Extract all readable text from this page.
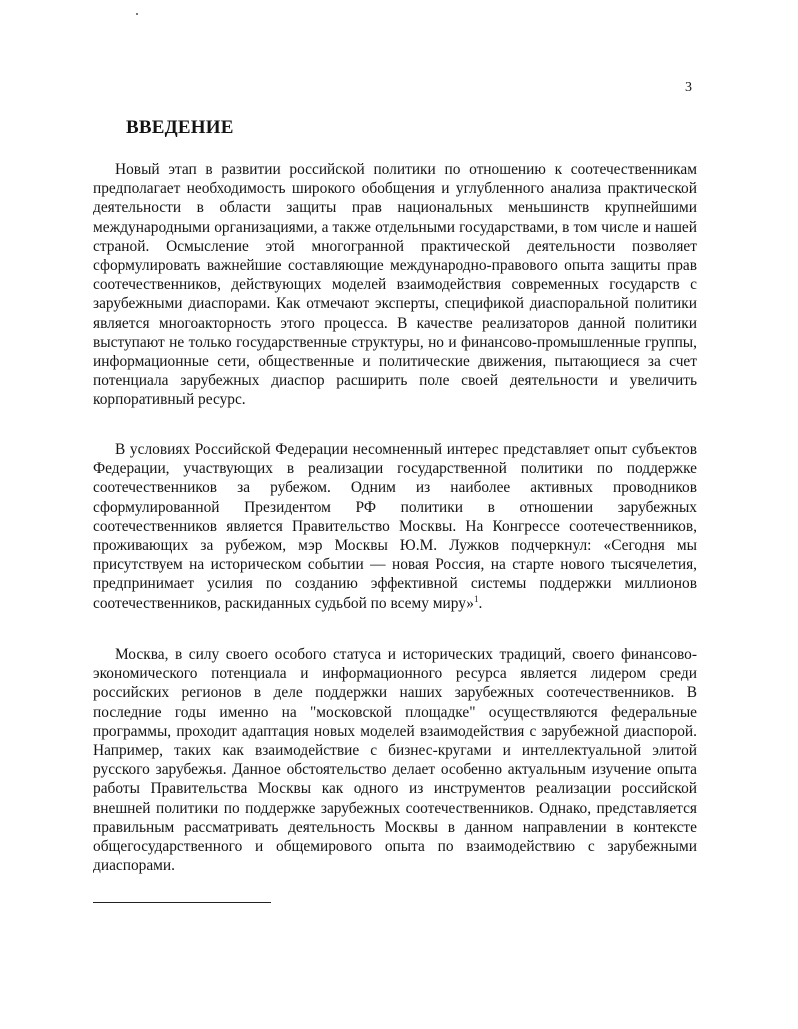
3
ВВЕДЕНИЕ

Новый этап в развитии российской политики по отношению к соотечественникам предполагает необходимость широкого обобщения и углубленного анализа практической деятельности в области защиты прав национальных меньшинств крупнейшими международными организациями, а также отдельными государствами, в том числе и нашей страной. Осмысление этой многогранной практической деятельности позволяет сформулировать важнейшие составляющие международно-правового опыта защиты прав соотечественников, действующих моделей взаимодействия современных государств с зарубежными диаспорами. Как отмечают эксперты, спецификой диаспоральной политики является многоакторность этого процесса. В качестве реализаторов данной политики выступают не только государственные структуры, но и финансово-промышленные группы, информационные сети, общественные и политические движения, пытающиеся за счет потенциала зарубежных диаспор расширить поле своей деятельности и увеличить корпоративный ресурс.

В условиях Российской Федерации несомненный интерес представляет опыт субъектов Федерации, участвующих в реализации государственной политики по поддержке соотечественников за рубежом. Одним из наиболее активных проводников сформулированной Президентом РФ политики в отношении зарубежных соотечественников является Правительство Москвы. На Конгрессе соотечественников, проживающих за рубежом, мэр Москвы Ю.М. Лужков подчеркнул: «Сегодня мы присутствуем на историческом событии — новая Россия, на старте нового тысячелетия, предпринимает усилия по созданию эффективной системы поддержки миллионов соотечественников, раскиданных судьбой по всему миру»$^1$.

Москва, в силу своего особого статуса и исторических традиций, своего финансово-экономического потенциала и информационного ресурса является лидером среди российских регионов в деле поддержки наших зарубежных соотечественников. В последние годы именно на "московской площадке" осуществляются федеральные программы, проходит адаптация новых моделей взаимодействия с зарубежной диаспорой. Например, таких как взаимодействие с бизнес-кругами и интеллектуальной элитой русского зарубежья. Данное обстоятельство делает особенно актуальным изучение опыта работы Правительства Москвы как одного из инструментов реализации российской внешней политики по поддержке зарубежных соотечественников. Однако, представляется правильным рассматривать деятельность Москвы в данном направлении в контексте общегосударственного и общемирового опыта по взаимодействию с зарубежными диаспорами.
